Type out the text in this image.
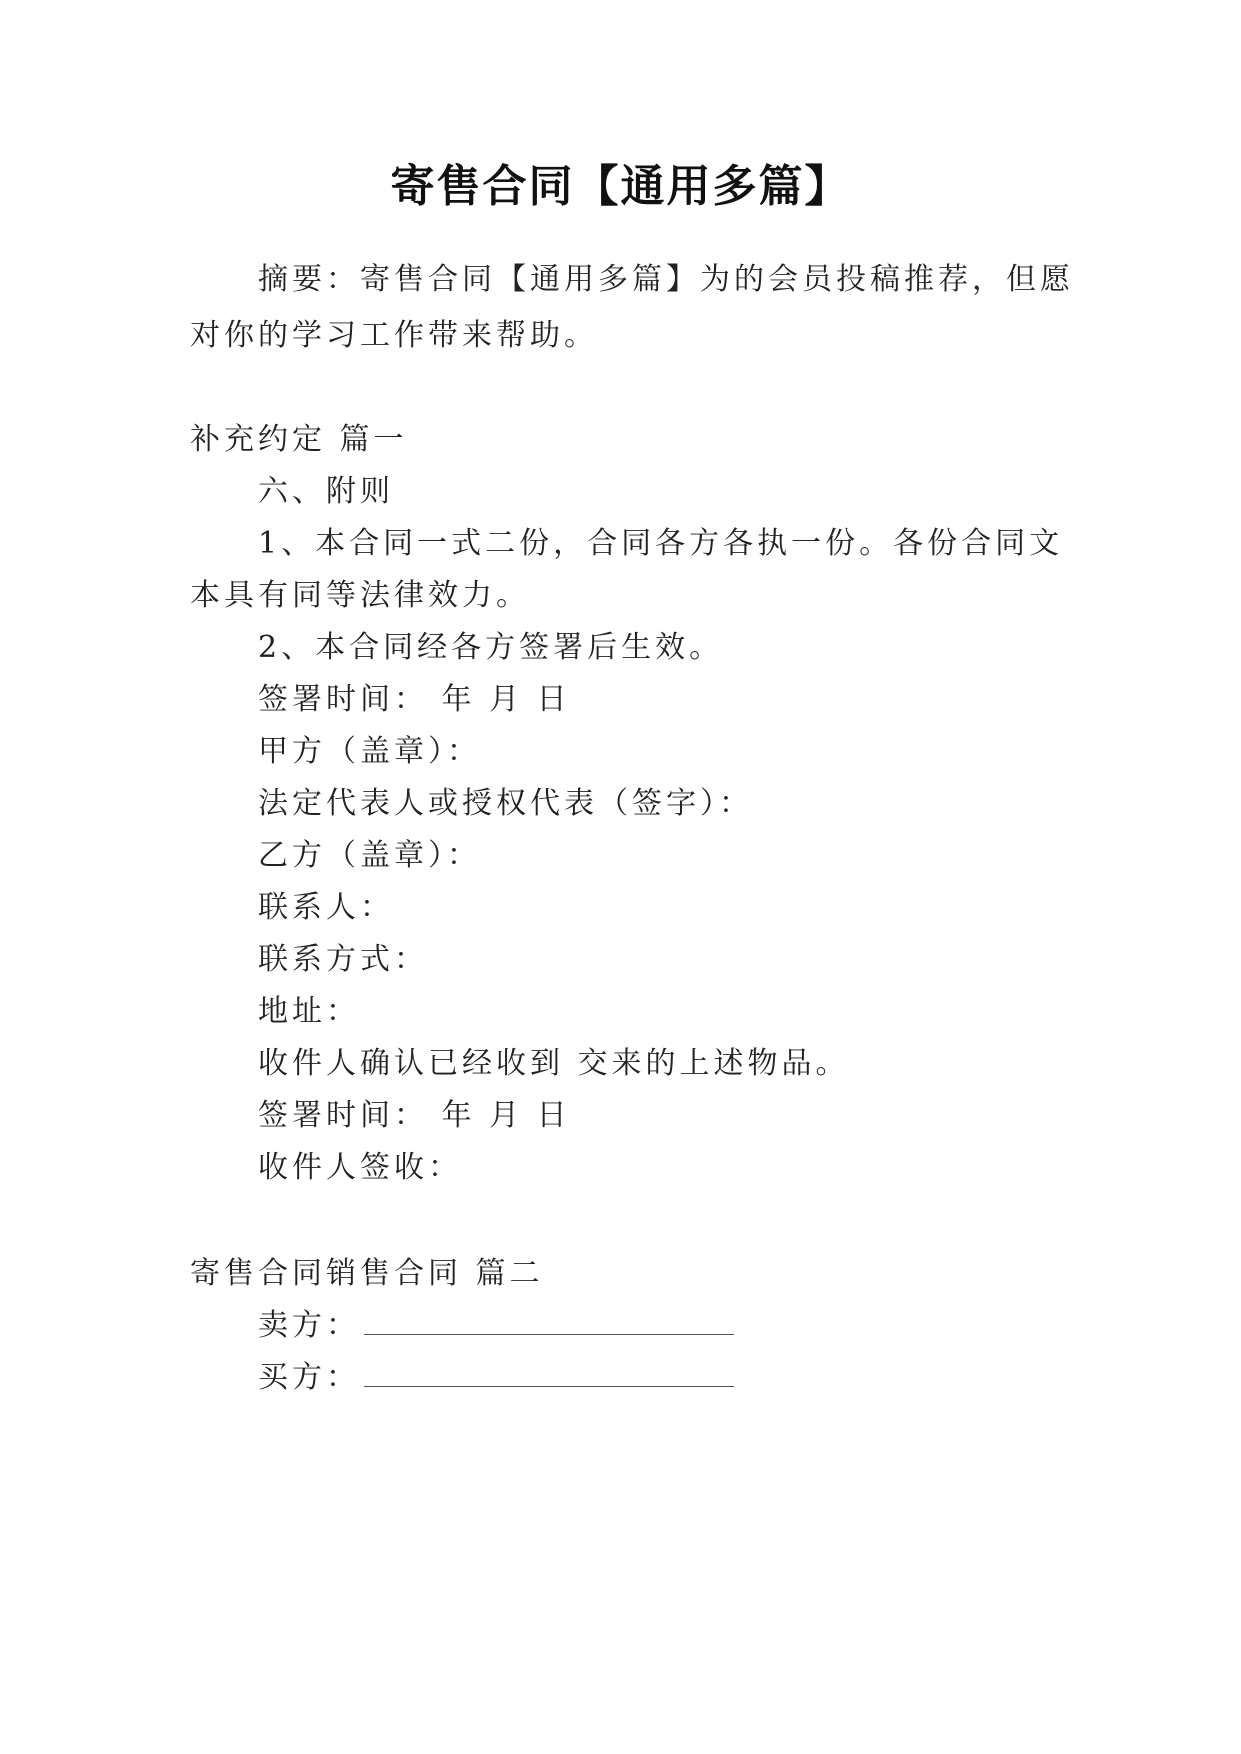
寄售合同【通用多篇】
摘要：寄售合同【通用多篇】为的会员投稿推荐，但愿
对你的学习工作带来帮助。
补充约定 篇一
六、附则
1、本合同一式二份，合同各方各执一份。各份合同文
本具有同等法律效力。
2、本合同经各方签署后生效。
签署时间： 年 月 日
甲方（盖章）：
法定代表人或授权代表（签字）：
乙方（盖章）：
联系人：
联系方式：
地址：
收件人确认已经收到 交来的上述物品。
签署时间： 年 月 日
收件人签收：
寄售合同销售合同 篇二
卖方：
买方：
